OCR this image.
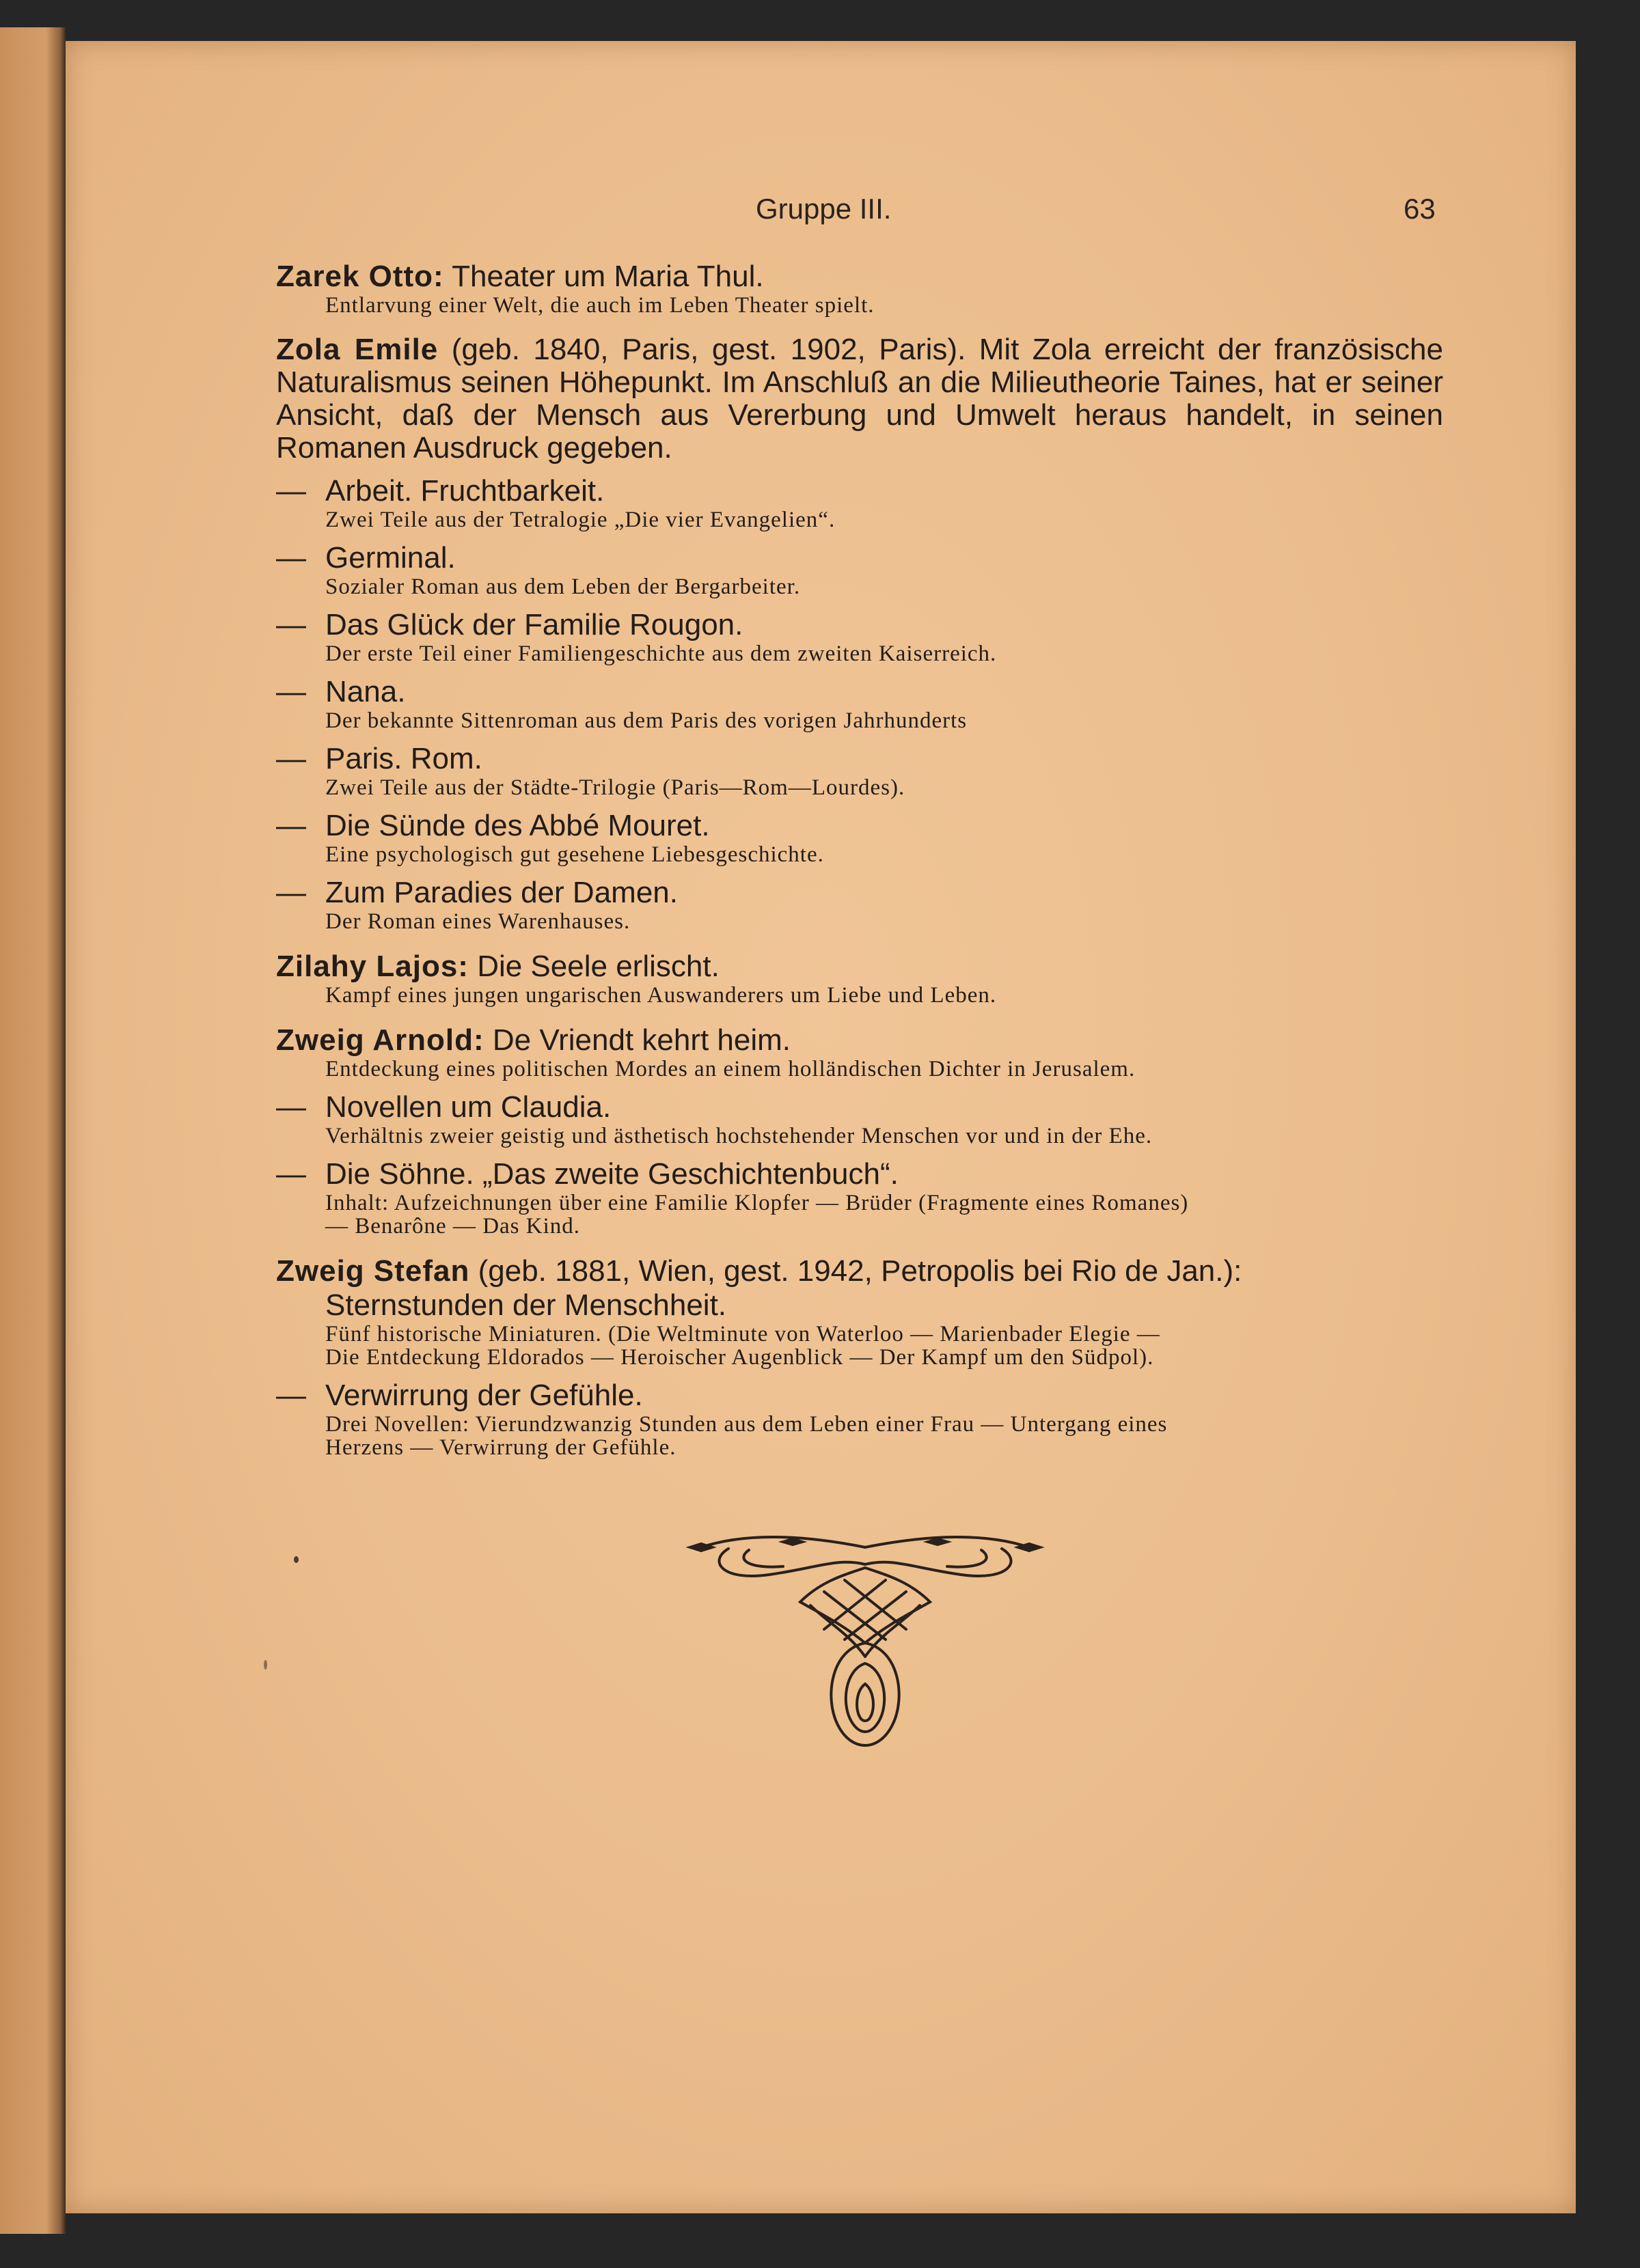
Gruppe III.	63
Zarek Otto: Theater um Maria Thul.

Entlarvung einer Welt, die auch im Leben Theater spielt.

Zola Emile (geb. 1840, Paris, gest. 1902, Paris). Mit Zola erreicht der französische Naturalismus seinen Höhepunkt. Im Anschluß an die Milieutheorie Taines, hat er seiner Ansicht, daß der Mensch aus Vererbung und Umwelt heraus handelt, in seinen Romanen Ausdruck gegeben.

— Arbeit. Fruchtbarkeit.

Zwei Teile aus der Tetralogie „Die vier Evangelien“.

— Germinal.

Sozialer Roman aus dem Leben der Bergarbeiter.

— Das Glück der Familie Rougon.

Der erste Teil einer Familiengeschichte aus dem zweiten Kaiserreich.

— Nana.

Der bekannte Sittenroman aus dem Paris des vorigen Jahrhunderts

— Paris. Rom.

Zwei Teile aus der Städte-Trilogie (Paris—Rom—Lourdes).

— Die Sünde des Abbé Mouret.

Eine psychologisch gut gesehene Liebesgeschichte.

— Zum Paradies der Damen.

Der Roman eines Warenhauses.

Zilahy Lajos: Die Seele erlischt.

Kampf eines jungen ungarischen Auswanderers um Liebe und Leben.

Zweig Arnold: De Vriendt kehrt heim.

Entdeckung eines politischen Mordes an einem holländischen Dichter in Jerusalem.

— Novellen um Claudia.

Verhältnis zweier geistig und ästhetisch hochstehender Menschen vor und in der Ehe.

— Die Söhne. „Das zweite Geschichtenbuch“.

Inhalt: Aufzeichnungen über eine Familie Klopfer — Brüder (Fragmente eines Romanes)

— Benarône — Das Kind.

Zweig Stefan (geb. 1881, Wien, gest. 1942, Petropolis bei Rio de Jan.):
Sternstunden der Menschheit.

Fünf historische Miniaturen. (Die Weltminute von Waterloo — Marienbader Elegie —

Die Entdeckung Eldorados — Heroischer Augenblick — Der Kampf um den Südpol).

— Verwirrung der Gefühle.

Drei Novellen: Vierundzwanzig Stunden aus dem Leben einer Frau — Untergang eines

Herzens — Verwirrung der Gefühle.
